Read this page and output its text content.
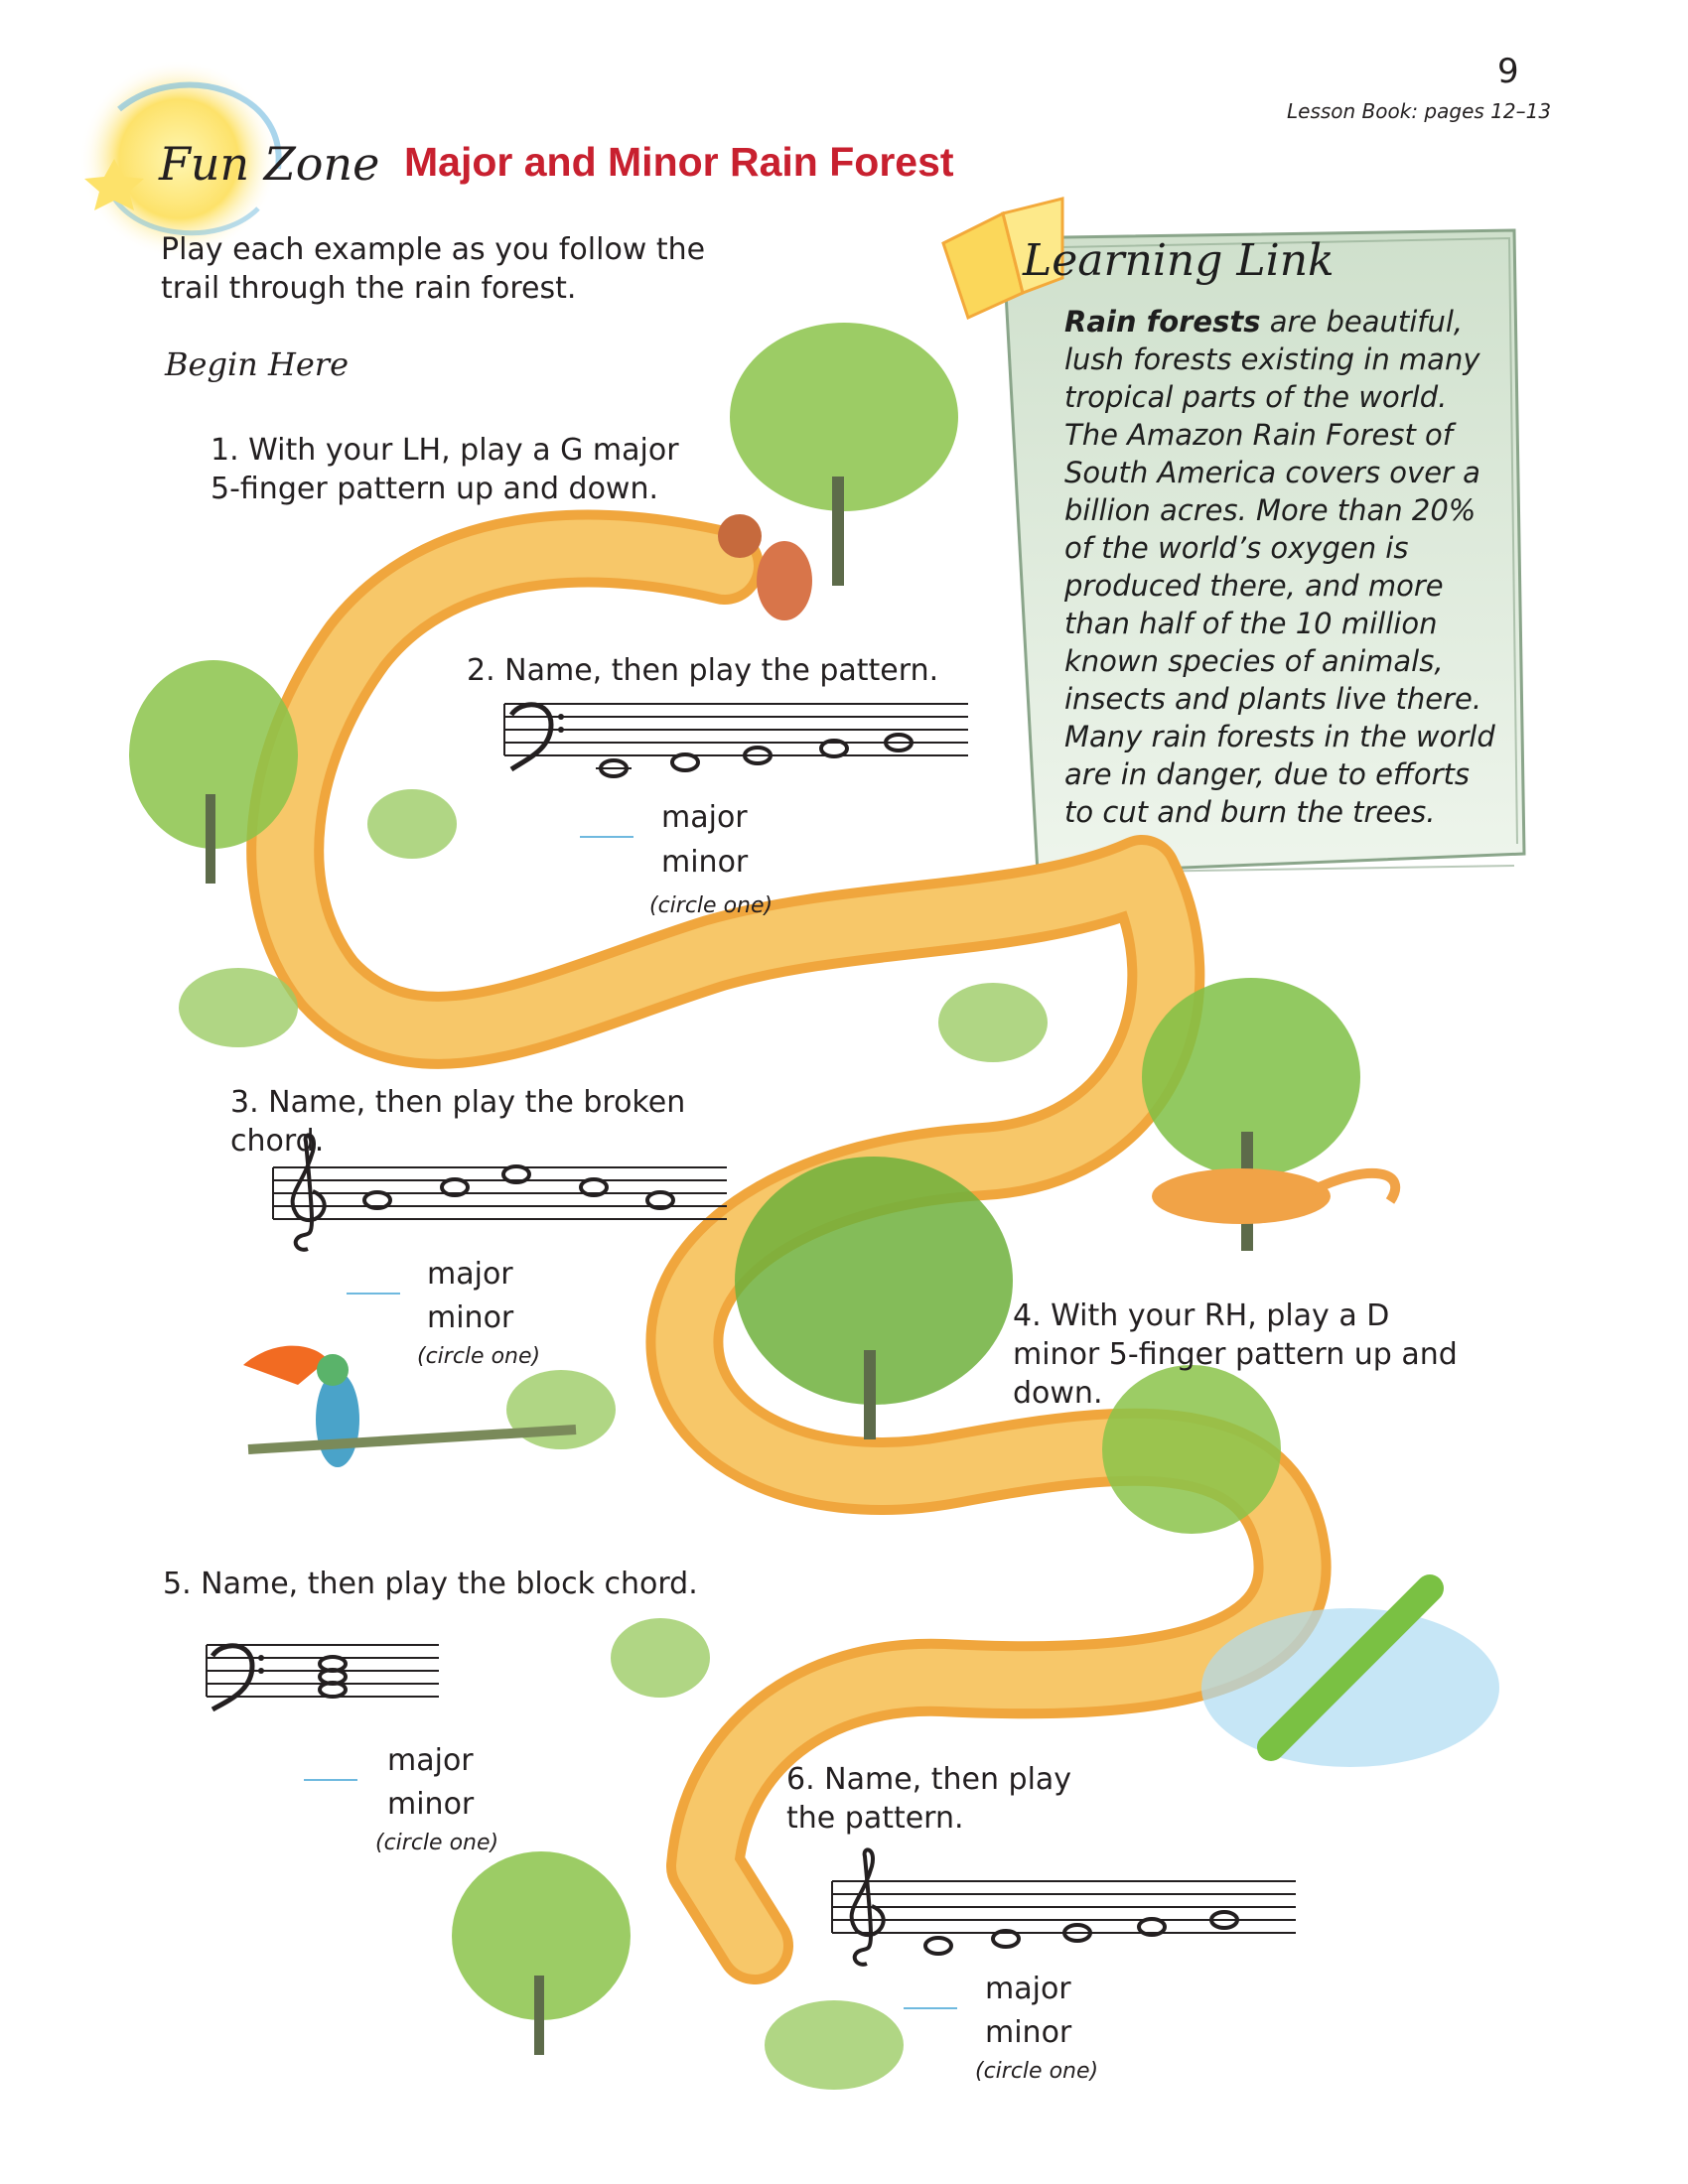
9
Lesson Book: pages 12–13
Fun Zone Major and Minor Rain Forest
Play each example as you follow the trail through the rain forest.
Begin Here
1. With your LH, play a G major 5-finger pattern up and down.
2. Name, then play the pattern.
major
minor
(circle one)
3. Name, then play the broken chord.
major
minor
(circle one)
4. With your RH, play a D minor 5-finger pattern up and down.
5. Name, then play the block chord.
major
minor
(circle one)
6. Name, then play the pattern.
major
minor
(circle one)
Learning Link
Rain forests are beautiful, lush forests existing in many tropical parts of the world. The Amazon Rain Forest of South America covers over a billion acres. More than 20% of the world’s oxygen is produced there, and more than half of the 10 million known species of animals, insects and plants live there. Many rain forests in the world are in danger, due to efforts to cut and burn the trees.
